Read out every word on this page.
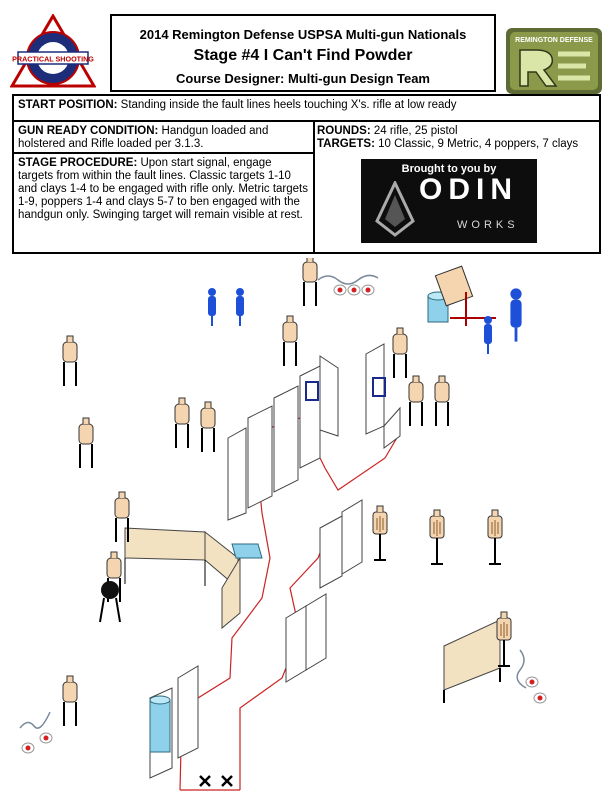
PRACTICAL SHOOTING
2014 Remington Defense USPSA Multi-gun Nationals
Stage #4 I Can't Find Powder
Course Designer: Multi-gun Design Team
REMINGTON DEFENSE
START POSITION: Standing inside the fault lines heels touching X's. rifle at low ready
GUN READY CONDITION: Handgun loaded and holstered and Rifle loaded per 3.1.3.
STAGE PROCEDURE: Upon start signal, engage targets from within the fault lines. Classic targets 1-10 and clays 1-4 to be engaged with rifle only. Metric targets 1-9, poppers 1-4 and clays 5-7 to ben engaged with the handgun only. Swinging target will remain visible at rest.
ROUNDS: 24 rifle, 25 pistol
TARGETS: 10 Classic, 9 Metric, 4 poppers, 7 clays
Brought to you by
ODIN
WORKS
